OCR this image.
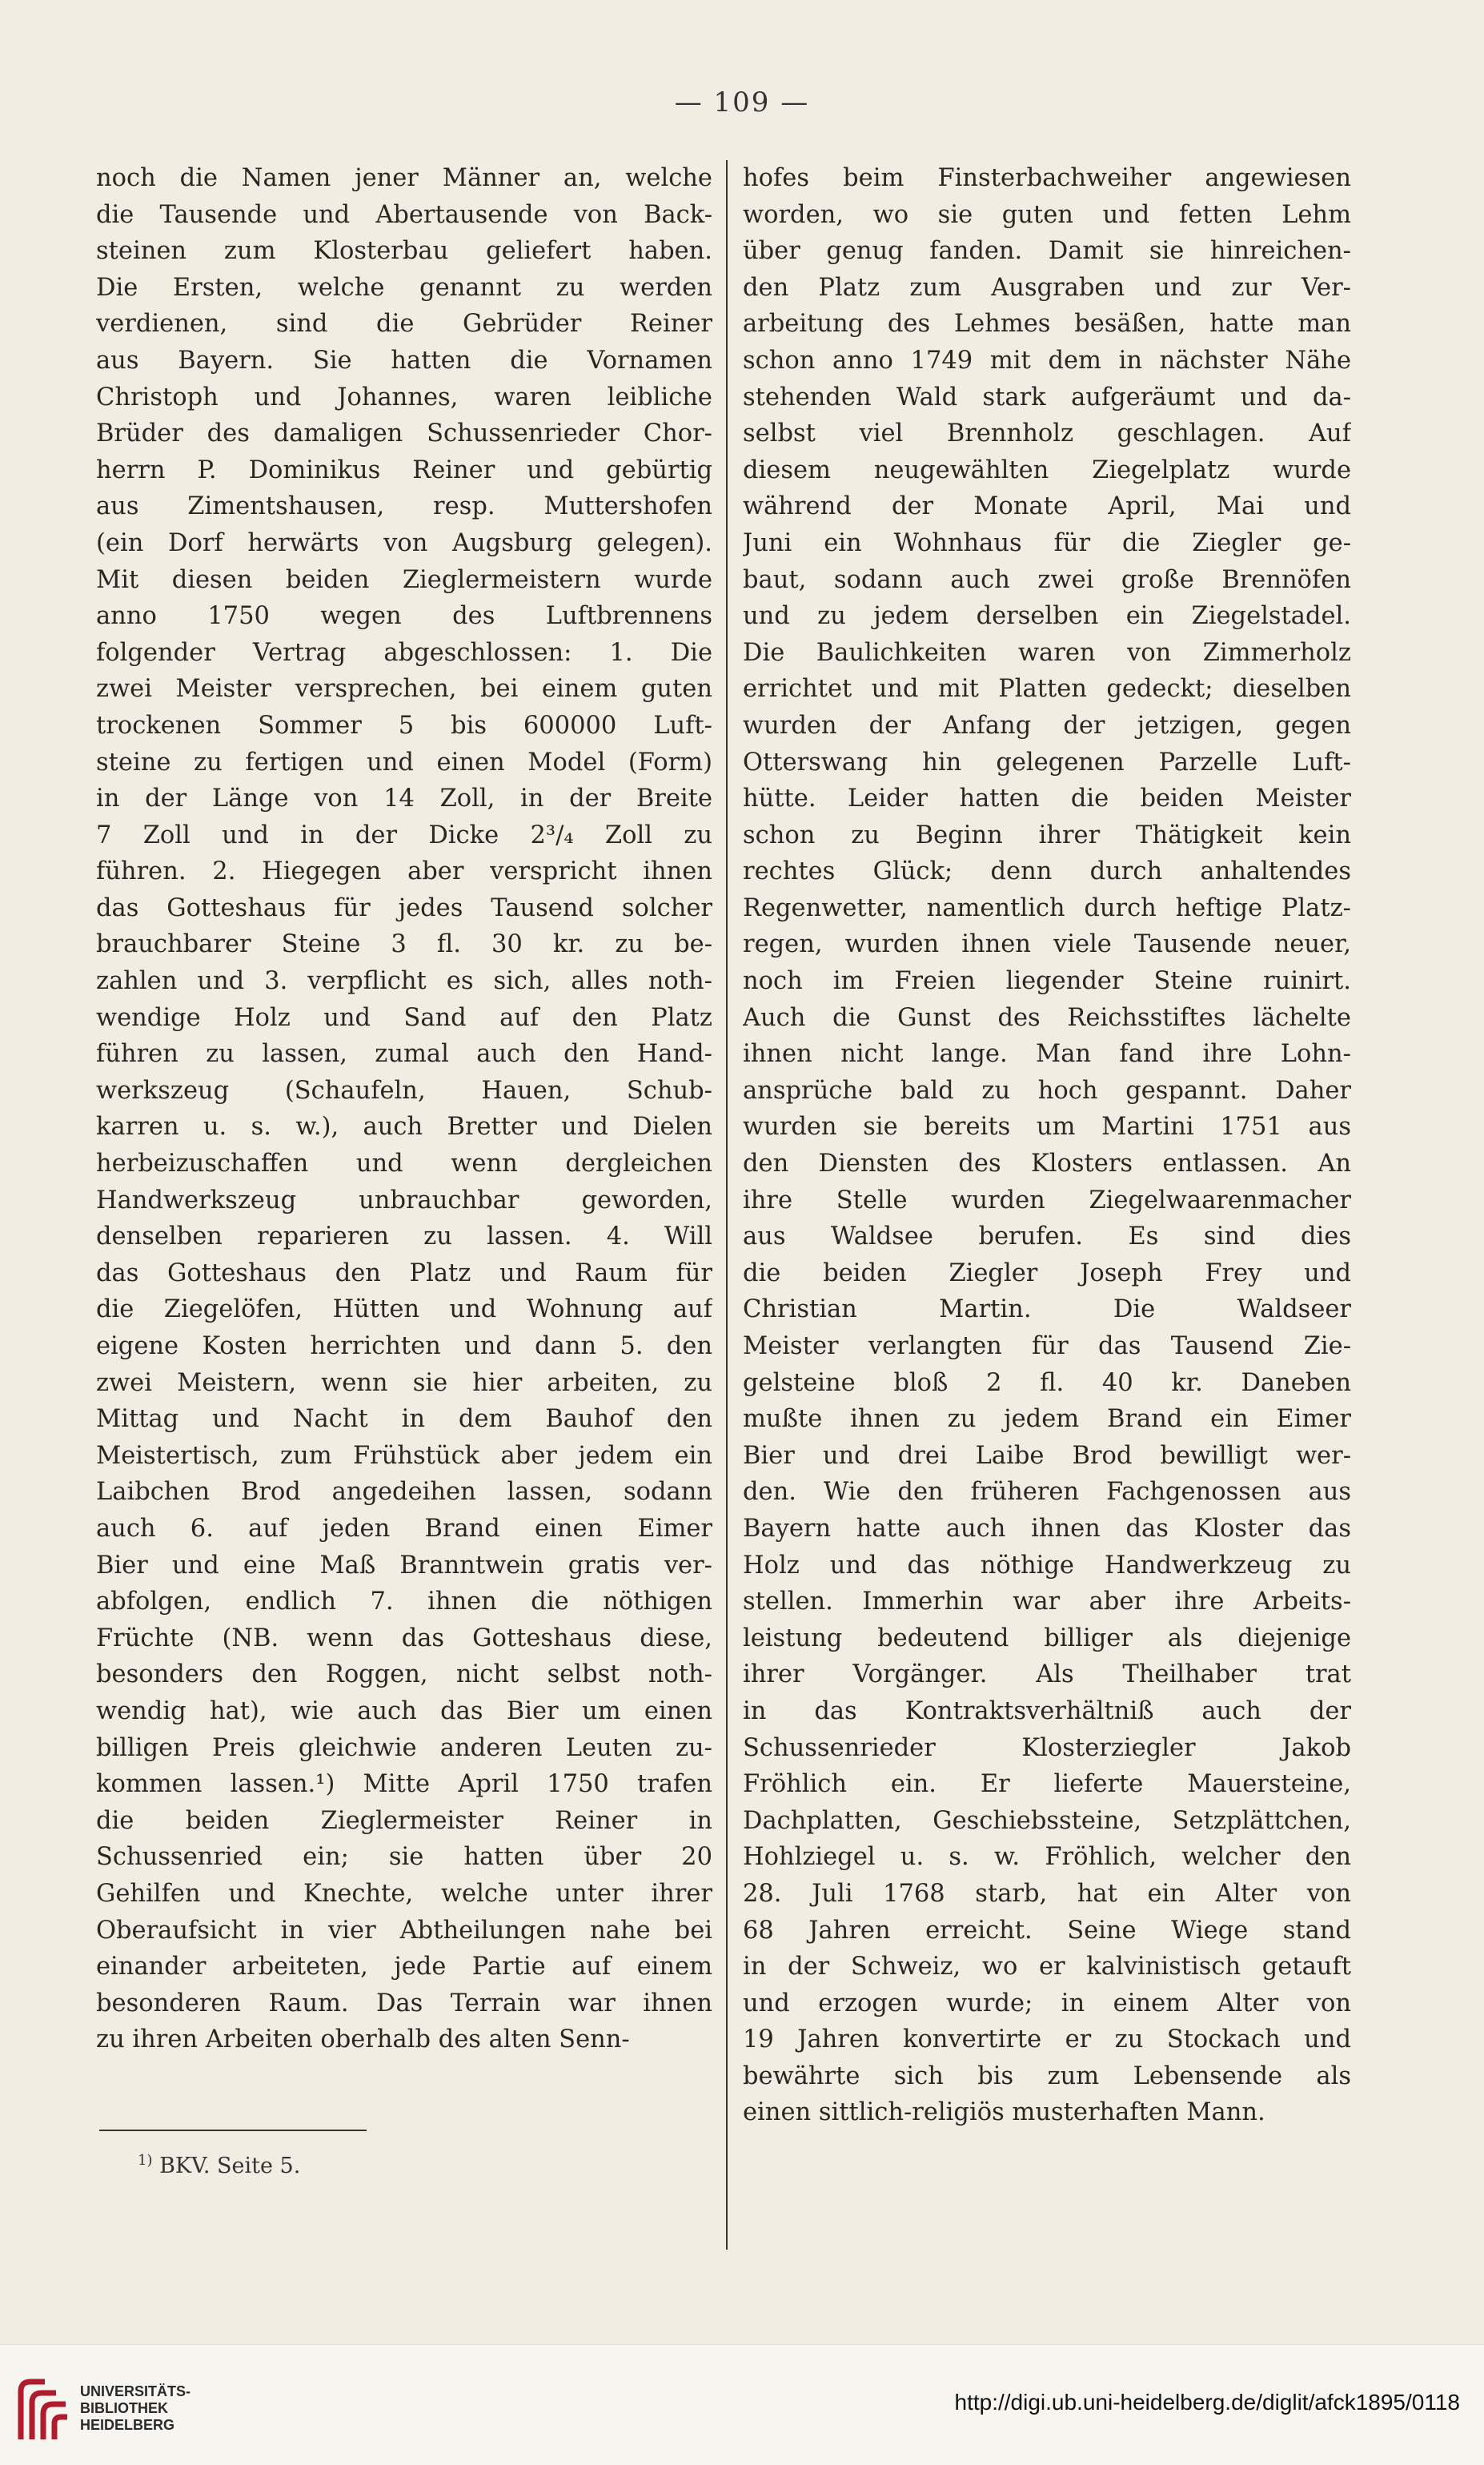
— 109 —
noch die Namen jener Männer an, welche
die Tausende und Abertausende von Back-
steinen zum Klosterbau geliefert haben.
Die Ersten, welche genannt zu werden
verdienen, sind die Gebrüder Reiner
aus Bayern. Sie hatten die Vornamen
Christoph und Johannes, waren leibliche
Brüder des damaligen Schussenrieder Chor-
herrn P. Dominikus Reiner und gebürtig
aus Zimentshausen, resp. Muttershofen
(ein Dorf herwärts von Augsburg gelegen).
Mit diesen beiden Zieglermeistern wurde
anno 1750 wegen des Luftbrennens
folgender Vertrag abgeschlossen: 1. Die
zwei Meister versprechen, bei einem guten
trockenen Sommer 5 bis 600000 Luft-
steine zu fertigen und einen Model (Form)
in der Länge von 14 Zoll, in der Breite
7 Zoll und in der Dicke 2³/₄ Zoll zu
führen. 2. Hiegegen aber verspricht ihnen
das Gotteshaus für jedes Tausend solcher
brauchbarer Steine 3 fl. 30 kr. zu be-
zahlen und 3. verpflicht es sich, alles noth-
wendige Holz und Sand auf den Platz
führen zu lassen, zumal auch den Hand-
werkszeug (Schaufeln, Hauen, Schub-
karren u. s. w.), auch Bretter und Dielen
herbeizuschaffen und wenn dergleichen
Handwerkszeug unbrauchbar geworden,
denselben reparieren zu lassen. 4. Will
das Gotteshaus den Platz und Raum für
die Ziegelöfen, Hütten und Wohnung auf
eigene Kosten herrichten und dann 5. den
zwei Meistern, wenn sie hier arbeiten, zu
Mittag und Nacht in dem Bauhof den
Meistertisch, zum Frühstück aber jedem ein
Laibchen Brod angedeihen lassen, sodann
auch 6. auf jeden Brand einen Eimer
Bier und eine Maß Branntwein gratis ver-
abfolgen, endlich 7. ihnen die nöthigen
Früchte (NB. wenn das Gotteshaus diese,
besonders den Roggen, nicht selbst noth-
wendig hat), wie auch das Bier um einen
billigen Preis gleichwie anderen Leuten zu-
kommen lassen.¹) Mitte April 1750 trafen
die beiden Zieglermeister Reiner in
Schussenried ein; sie hatten über 20
Gehilfen und Knechte, welche unter ihrer
Oberaufsicht in vier Abtheilungen nahe bei
einander arbeiteten, jede Partie auf einem
besonderen Raum. Das Terrain war ihnen
zu ihren Arbeiten oberhalb des alten Senn-
hofes beim Finsterbachweiher angewiesen
worden, wo sie guten und fetten Lehm
über genug fanden. Damit sie hinreichen-
den Platz zum Ausgraben und zur Ver-
arbeitung des Lehmes besäßen, hatte man
schon anno 1749 mit dem in nächster Nähe
stehenden Wald stark aufgeräumt und da-
selbst viel Brennholz geschlagen. Auf
diesem neugewählten Ziegelplatz wurde
während der Monate April, Mai und
Juni ein Wohnhaus für die Ziegler ge-
baut, sodann auch zwei große Brennöfen
und zu jedem derselben ein Ziegelstadel.
Die Baulichkeiten waren von Zimmerholz
errichtet und mit Platten gedeckt; dieselben
wurden der Anfang der jetzigen, gegen
Otterswang hin gelegenen Parzelle Luft-
hütte. Leider hatten die beiden Meister
schon zu Beginn ihrer Thätigkeit kein
rechtes Glück; denn durch anhaltendes
Regenwetter, namentlich durch heftige Platz-
regen, wurden ihnen viele Tausende neuer,
noch im Freien liegender Steine ruinirt.
Auch die Gunst des Reichsstiftes lächelte
ihnen nicht lange. Man fand ihre Lohn-
ansprüche bald zu hoch gespannt. Daher
wurden sie bereits um Martini 1751 aus
den Diensten des Klosters entlassen. An
ihre Stelle wurden Ziegelwaarenmacher
aus Waldsee berufen. Es sind dies
die beiden Ziegler Joseph Frey und
Christian Martin. Die Waldseer
Meister verlangten für das Tausend Zie-
gelsteine bloß 2 fl. 40 kr. Daneben
mußte ihnen zu jedem Brand ein Eimer
Bier und drei Laibe Brod bewilligt wer-
den. Wie den früheren Fachgenossen aus
Bayern hatte auch ihnen das Kloster das
Holz und das nöthige Handwerkzeug zu
stellen. Immerhin war aber ihre Arbeits-
leistung bedeutend billiger als diejenige
ihrer Vorgänger. Als Theilhaber trat
in das Kontraktsverhältniß auch der
Schussenrieder Klosterziegler Jakob
Fröhlich ein. Er lieferte Mauersteine,
Dachplatten, Geschiebssteine, Setzplättchen,
Hohlziegel u. s. w. Fröhlich, welcher den
28. Juli 1768 starb, hat ein Alter von
68 Jahren erreicht. Seine Wiege stand
in der Schweiz, wo er kalvinistisch getauft
und erzogen wurde; in einem Alter von
19 Jahren konvertirte er zu Stockach und
bewährte sich bis zum Lebensende als
einen sittlich-religiös musterhaften Mann.
$^{1)}$ BKV. Seite 5.
UNIVERSITÄTS-
BIBLIOTHEK
HEIDELBERG
http://digi.ub.uni-heidelberg.de/diglit/afck1895/0118
